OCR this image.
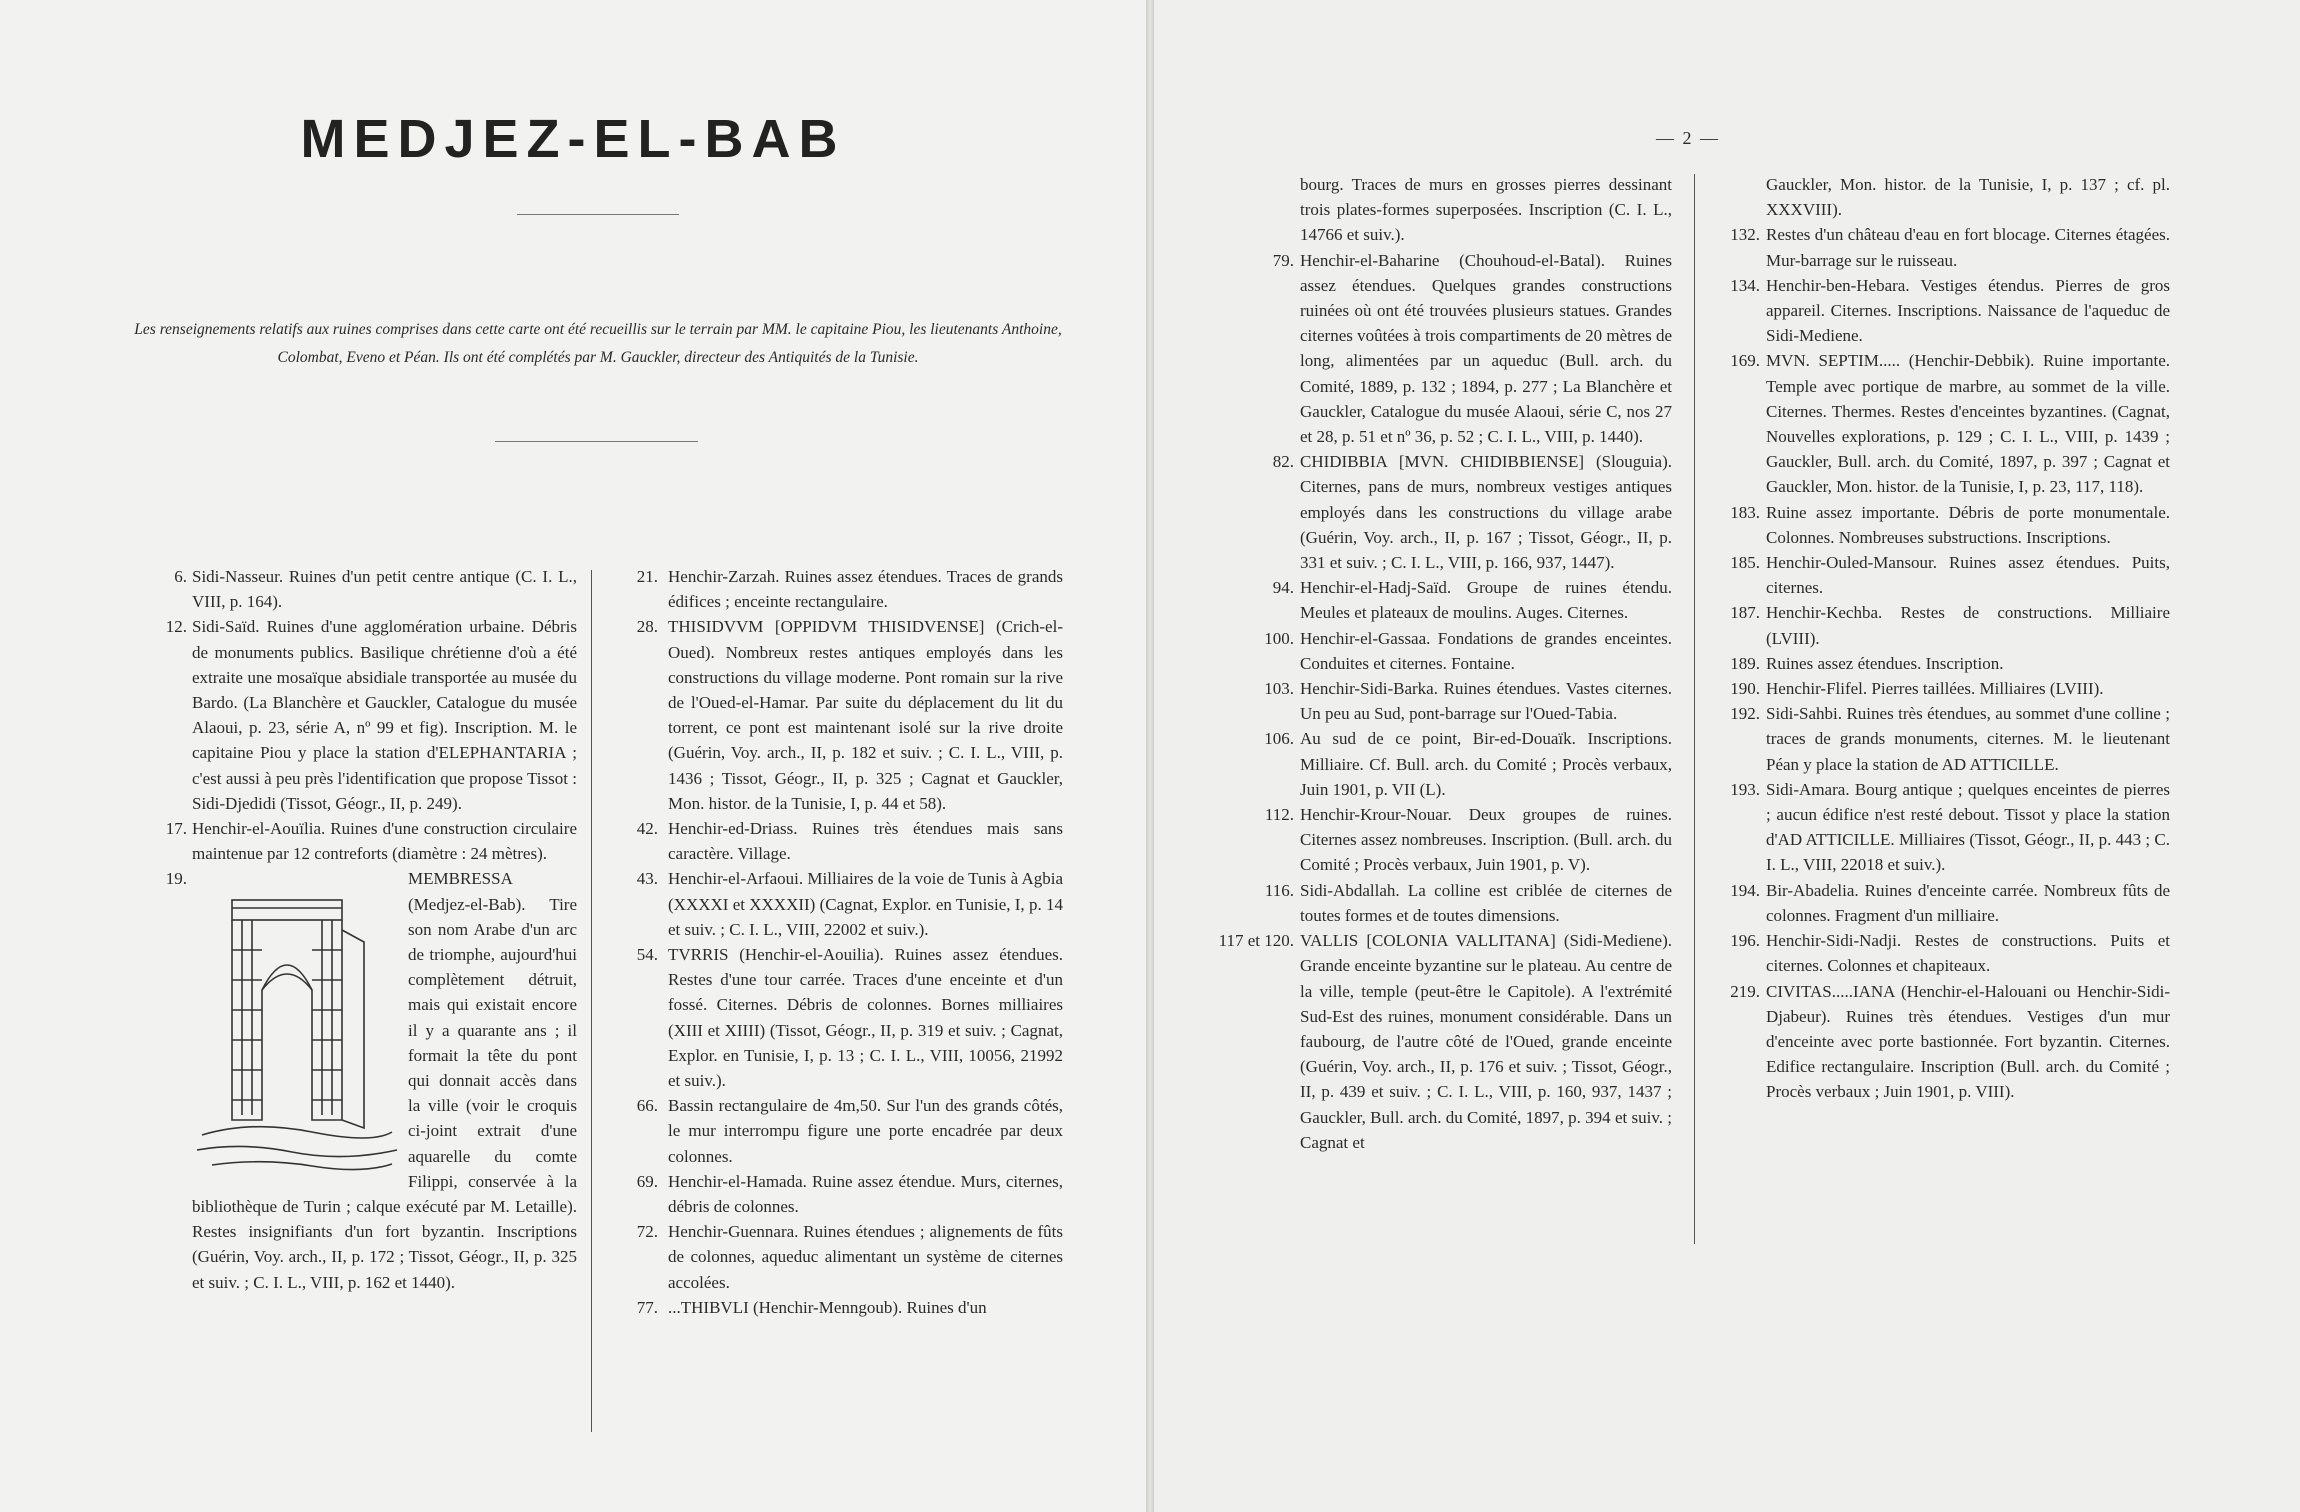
MEDJEZ-EL-BAB
Les renseignements relatifs aux ruines comprises dans cette carte ont été recueillis sur le terrain par MM. le capitaine Piou, les lieutenants Anthoine, Colombat, Eveno et Péan. Ils ont été complétés par M. Gauckler, directeur des Antiquités de la Tunisie.
6. Sidi-Nasseur. Ruines d'un petit centre antique (C. I. L., VIII, p. 164).
12. Sidi-Saïd. Ruines d'une agglomération urbaine. Débris de monuments publics. Basilique chrétienne d'où a été extraite une mosaïque absidiale transportée au musée du Bardo. (La Blanchère et Gauckler, Catalogue du musée Alaoui, p. 23, série A, nº 99 et fig). Inscription. M. le capitaine Piou y place la station d'ELEPHANTARIA ; c'est aussi à peu près l'identification que propose Tissot : Sidi-Djedidi (Tissot, Géogr., II, p. 249).
17. Henchir-el-Aouïlia. Ruines d'une construction circulaire maintenue par 12 contreforts (diamètre : 24 mètres).
19.	MEMBRESSA (Medjez-el-Bab). Tire son nom Arabe d'un arc de triomphe, aujourd'hui complètement détruit, mais qui existait encore il y a quarante ans ; il formait la tête du pont qui donnait accès dans la ville (voir le croquis ci-joint extrait d'une aquarelle du comte Filippi, conservée à la bibliothèque de Turin ; calque exécuté par M. Letaille). Restes insignifiants d'un fort byzantin. Inscriptions (Guérin, Voy. arch., II, p. 172 ; Tissot, Géogr., II, p. 325 et suiv. ; C. I. L., VIII, p. 162 et 1440).
21. Henchir-Zarzah. Ruines assez étendues. Traces de grands édifices ; enceinte rectangulaire.
28. THISIDVVM [OPPIDVM THISIDVENSE] (Crich-el-Oued). Nombreux restes antiques employés dans les constructions du village moderne. Pont romain sur la rive de l'Oued-el-Hamar. Par suite du déplacement du lit du torrent, ce pont est maintenant isolé sur la rive droite (Guérin, Voy. arch., II, p. 182 et suiv. ; C. I. L., VIII, p. 1436 ; Tissot, Géogr., II, p. 325 ; Cagnat et Gauckler, Mon. histor. de la Tunisie, I, p. 44 et 58).
42. Henchir-ed-Driass. Ruines très étendues mais sans caractère. Village.
43. Henchir-el-Arfaoui. Milliaires de la voie de Tunis à Agbia (XXXXI et XXXXII) (Cagnat, Explor. en Tunisie, I, p. 14 et suiv. ; C. I. L., VIII, 22002 et suiv.).
54. TVRRIS (Henchir-el-Aouilia). Ruines assez étendues. Restes d'une tour carrée. Traces d'une enceinte et d'un fossé. Citernes. Débris de colonnes. Bornes milliaires (XIII et XIIII) (Tissot, Géogr., II, p. 319 et suiv. ; Cagnat, Explor. en Tunisie, I, p. 13 ; C. I. L., VIII, 10056, 21992 et suiv.).
66. Bassin rectangulaire de 4m,50. Sur l'un des grands côtés, le mur interrompu figure une porte encadrée par deux colonnes.
69. Henchir-el-Hamada. Ruine assez étendue. Murs, citernes, débris de colonnes.
72. Henchir-Guennara. Ruines étendues ; alignements de fûts de colonnes, aqueduc alimentant un système de citernes accolées.
77. ...THIBVLI (Henchir-Menngoub). Ruines d'un
— 2 —
bourg. Traces de murs en grosses pierres dessinant trois plates-formes superposées. Inscription (C. I. L., 14766 et suiv.).
79. Henchir-el-Baharine (Chouhoud-el-Batal). Ruines assez étendues. Quelques grandes constructions ruinées où ont été trouvées plusieurs statues. Grandes citernes voûtées à trois compartiments de 20 mètres de long, alimentées par un aqueduc (Bull. arch. du Comité, 1889, p. 132 ; 1894, p. 277 ; La Blanchère et Gauckler, Catalogue du musée Alaoui, série C, nos 27 et 28, p. 51 et nº 36, p. 52 ; C. I. L., VIII, p. 1440).
82. CHIDIBBIA [MVN. CHIDIBBIENSE] (Slouguia). Citernes, pans de murs, nombreux vestiges antiques employés dans les constructions du village arabe (Guérin, Voy. arch., II, p. 167 ; Tissot, Géogr., II, p. 331 et suiv. ; C. I. L., VIII, p. 166, 937, 1447).
94. Henchir-el-Hadj-Saïd. Groupe de ruines étendu. Meules et plateaux de moulins. Auges. Citernes.
100. Henchir-el-Gassaa. Fondations de grandes enceintes. Conduites et citernes. Fontaine.
103. Henchir-Sidi-Barka. Ruines étendues. Vastes citernes. Un peu au Sud, pont-barrage sur l'Oued-Tabia.
106. Au sud de ce point, Bir-ed-Douaïk. Inscriptions. Milliaire. Cf. Bull. arch. du Comité ; Procès verbaux, Juin 1901, p. VII (L).
112. Henchir-Krour-Nouar. Deux groupes de ruines. Citernes assez nombreuses. Inscription. (Bull. arch. du Comité ; Procès verbaux, Juin 1901, p. V).
116. Sidi-Abdallah. La colline est criblée de citernes de toutes formes et de toutes dimensions.
117 et 120. VALLIS [COLONIA VALLITANA] (Sidi-Mediene). Grande enceinte byzantine sur le plateau. Au centre de la ville, temple (peut-être le Capitole). A l'extrémité Sud-Est des ruines, monument considérable. Dans un faubourg, de l'autre côté de l'Oued, grande enceinte (Guérin, Voy. arch., II, p. 176 et suiv. ; Tissot, Géogr., II, p. 439 et suiv. ; C. I. L., VIII, p. 160, 937, 1437 ; Gauckler, Bull. arch. du Comité, 1897, p. 394 et suiv. ; Cagnat et
Gauckler, Mon. histor. de la Tunisie, I, p. 137 ; cf. pl. XXXVIII).
132. Restes d'un château d'eau en fort blocage. Citernes étagées. Mur-barrage sur le ruisseau.
134. Henchir-ben-Hebara. Vestiges étendus. Pierres de gros appareil. Citernes. Inscriptions. Naissance de l'aqueduc de Sidi-Mediene.
169. MVN. SEPTIM..... (Henchir-Debbik). Ruine importante. Temple avec portique de marbre, au sommet de la ville. Citernes. Thermes. Restes d'enceintes byzantines. (Cagnat, Nouvelles explorations, p. 129 ; C. I. L., VIII, p. 1439 ; Gauckler, Bull. arch. du Comité, 1897, p. 397 ; Cagnat et Gauckler, Mon. histor. de la Tunisie, I, p. 23, 117, 118).
183. Ruine assez importante. Débris de porte monumentale. Colonnes. Nombreuses substructions. Inscriptions.
185. Henchir-Ouled-Mansour. Ruines assez étendues. Puits, citernes.
187. Henchir-Kechba. Restes de constructions. Milliaire (LVIII).
189. Ruines assez étendues. Inscription.
190. Henchir-Flifel. Pierres taillées. Milliaires (LVIII).
192. Sidi-Sahbi. Ruines très étendues, au sommet d'une colline ; traces de grands monuments, citernes. M. le lieutenant Péan y place la station de AD ATTICILLE.
193. Sidi-Amara. Bourg antique ; quelques enceintes de pierres ; aucun édifice n'est resté debout. Tissot y place la station d'AD ATTICILLE. Milliaires (Tissot, Géogr., II, p. 443 ; C. I. L., VIII, 22018 et suiv.).
194. Bir-Abadelia. Ruines d'enceinte carrée. Nombreux fûts de colonnes. Fragment d'un milliaire.
196. Henchir-Sidi-Nadji. Restes de constructions. Puits et citernes. Colonnes et chapiteaux.
219. CIVITAS.....IANA (Henchir-el-Halouani ou Henchir-Sidi-Djabeur). Ruines très étendues. Vestiges d'un mur d'enceinte avec porte bastionnée. Fort byzantin. Citernes. Edifice rectangulaire. Inscription (Bull. arch. du Comité ; Procès verbaux ; Juin 1901, p. VIII).
